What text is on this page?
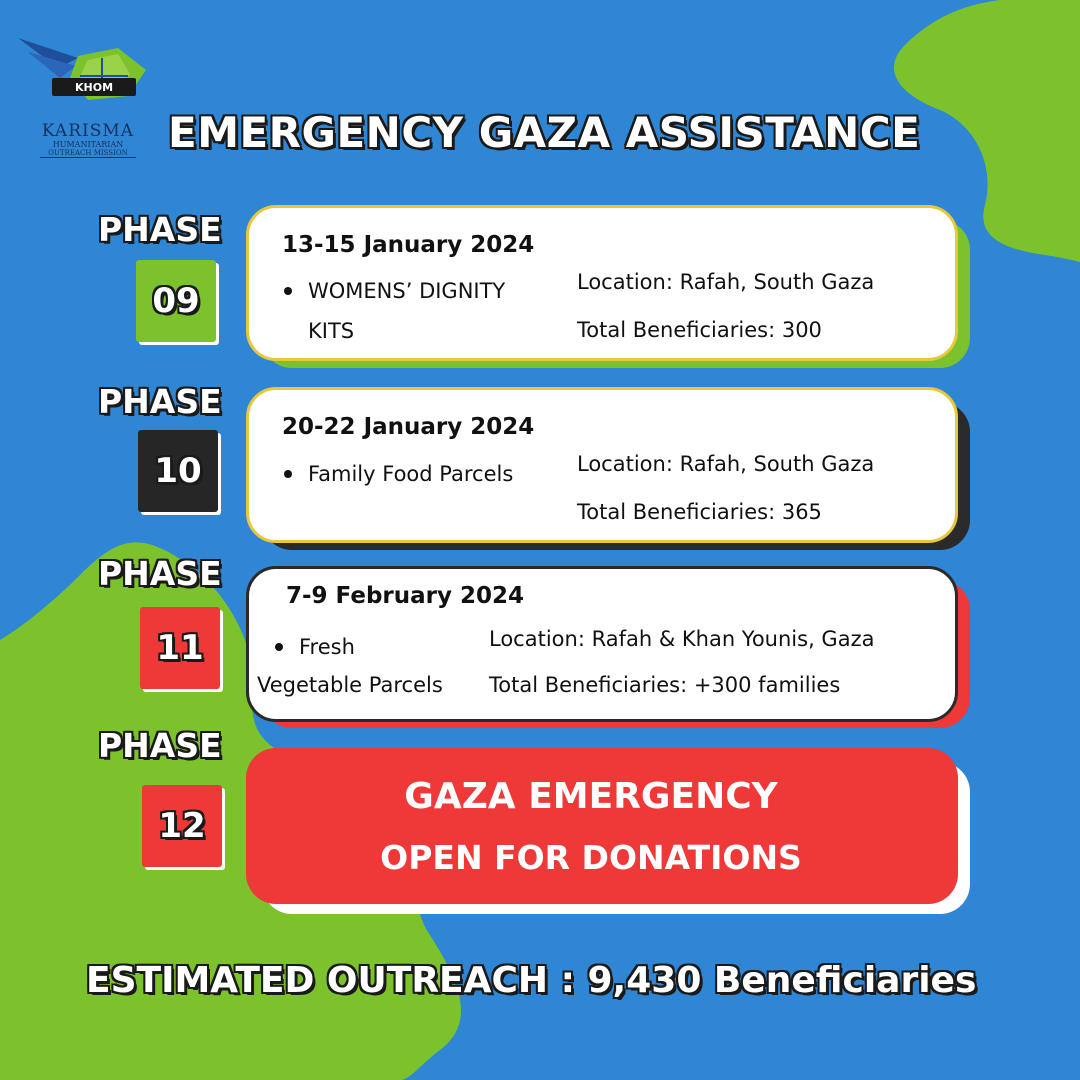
KHOM
KARISMA
HUMANITARIAN
OUTREACH MISSION EMERGENCY GAZA ASSISTANCE
PHASE
09
13-15 January 2024
WOMENS’ DIGNITY
KITS
Location: Rafah, South Gaza
Total Beneficiaries: 300
PHASE
10
20-22 January 2024
Family Food Parcels	Location: Rafah, South Gaza
Total Beneficiaries: 365
PHASE
11
7-9 February 2024
Fresh
Vegetable Parcels
Location: Rafah & Khan Younis, Gaza
Total Beneficiaries: +300 families
PHASE
12
GAZA EMERGENCY
OPEN FOR DONATIONS
ESTIMATED OUTREACH : 9,430 Beneficiaries
